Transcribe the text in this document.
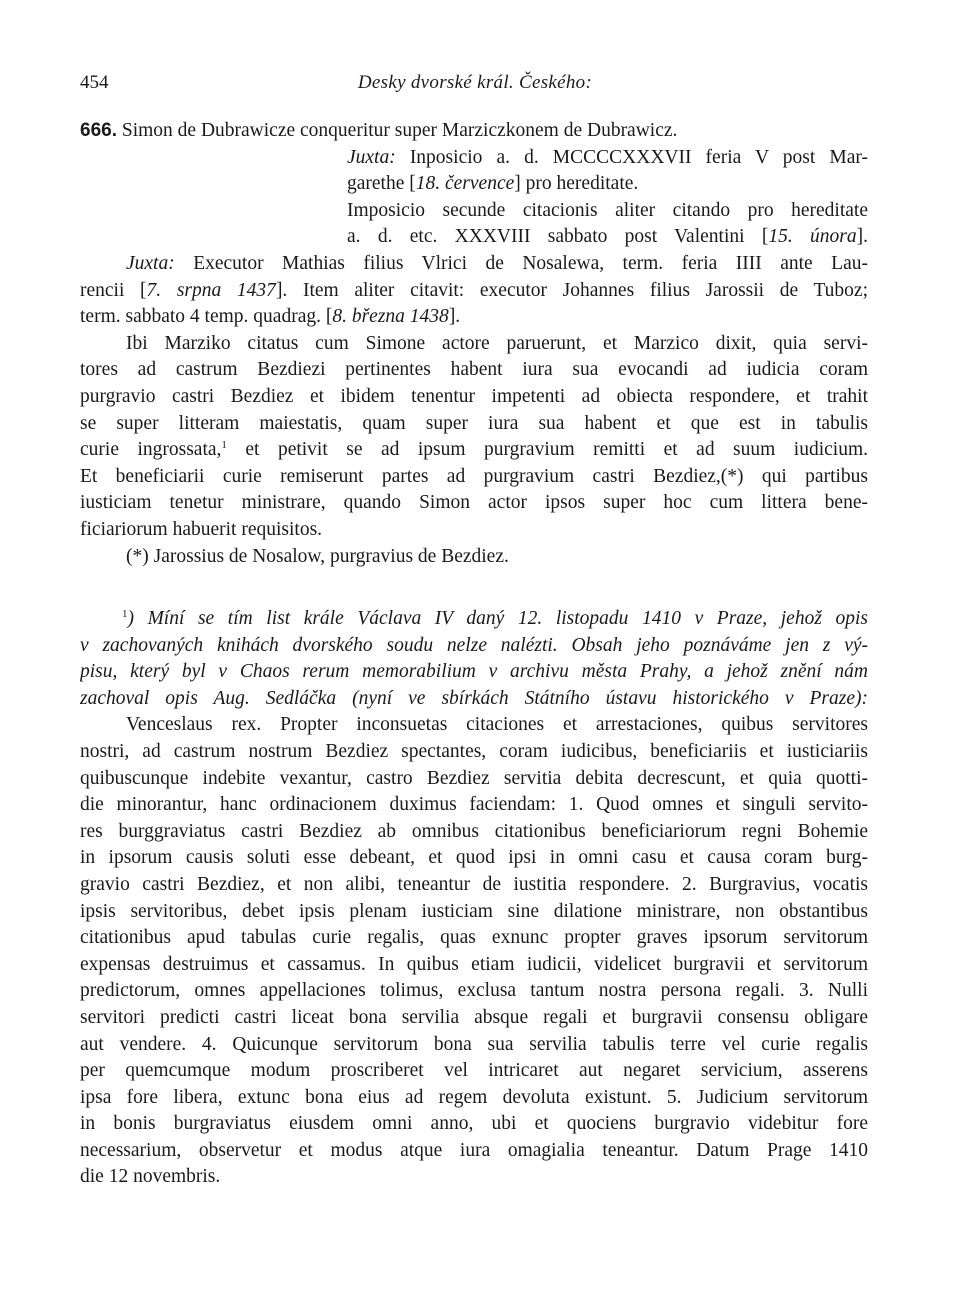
454	Desky dvorské král. Českého:
666. Simon de Dubrawicze conqueritur super Marziczkonem de Dubrawicz.
Juxta: Inposicio a. d. MCCCCXXXVII feria V post Mar-
garethe [18. července] pro hereditate.
Imposicio secunde citacionis aliter citando pro hereditate
a. d. etc. XXXVIII sabbato post Valentini [15. února].
Juxta: Executor Mathias filius Vlrici de Nosalewa, term. feria IIII ante Lau-
rencii [7. srpna 1437]. Item aliter citavit: executor Johannes filius Jarossii de Tuboz;
term. sabbato 4 temp. quadrag. [8. března 1438].
Ibi Marziko citatus cum Simone actore paruerunt, et Marzico dixit, quia servi-
tores ad castrum Bezdiezi pertinentes habent iura sua evocandi ad iudicia coram
purgravio castri Bezdiez et ibidem tenentur impetenti ad obiecta respondere, et trahit
se super litteram maiestatis, quam super iura sua habent et que est in tabulis
curie ingrossata,$^1$ et petivit se ad ipsum purgravium remitti et ad suum iudicium.
Et beneficiarii curie remiserunt partes ad purgravium castri Bezdiez,(*) qui partibus
iusticiam tenetur ministrare, quando Simon actor ipsos super hoc cum littera bene-
ficiariorum habuerit requisitos.
(*) Jarossius de Nosalow, purgravius de Bezdiez.
$^1$) Míní se tím list krále Václava IV daný 12. listopadu 1410 v Praze, jehož opis
v zachovaných knihách dvorského soudu nelze nalézti. Obsah jeho poznáváme jen z vý-
pisu, který byl v Chaos rerum memorabilium v archivu města Prahy, a jehož znění nám
zachoval opis Aug. Sedláčka (nyní ve sbírkách Státního ústavu historického v Praze):
Venceslaus rex. Propter inconsuetas citaciones et arrestaciones, quibus servitores
nostri, ad castrum nostrum Bezdiez spectantes, coram iudicibus, beneficiariis et iusticiariis
quibuscunque indebite vexantur, castro Bezdiez servitia debita decrescunt, et quia quotti-
die minorantur, hanc ordinacionem duximus faciendam: 1. Quod omnes et singuli servito-
res burggraviatus castri Bezdiez ab omnibus citationibus beneficiariorum regni Bohemie
in ipsorum causis soluti esse debeant, et quod ipsi in omni casu et causa coram burg-
gravio castri Bezdiez, et non alibi, teneantur de iustitia respondere. 2. Burgravius, vocatis
ipsis servitoribus, debet ipsis plenam iusticiam sine dilatione ministrare, non obstantibus
citationibus apud tabulas curie regalis, quas exnunc propter graves ipsorum servitorum
expensas destruimus et cassamus. In quibus etiam iudicii, videlicet burgravii et servitorum
predictorum, omnes appellaciones tolimus, exclusa tantum nostra persona regali. 3. Nulli
servitori predicti castri liceat bona servilia absque regali et burgravii consensu obligare
aut vendere. 4. Quicunque servitorum bona sua servilia tabulis terre vel curie regalis
per quemcumque modum proscriberet vel intricaret aut negaret servicium, asserens
ipsa fore libera, extunc bona eius ad regem devoluta existunt. 5. Judicium servitorum
in bonis burgraviatus eiusdem omni anno, ubi et quociens burgravio videbitur fore
necessarium, observetur et modus atque iura omagialia teneantur. Datum Prage 1410
die 12 novembris.
